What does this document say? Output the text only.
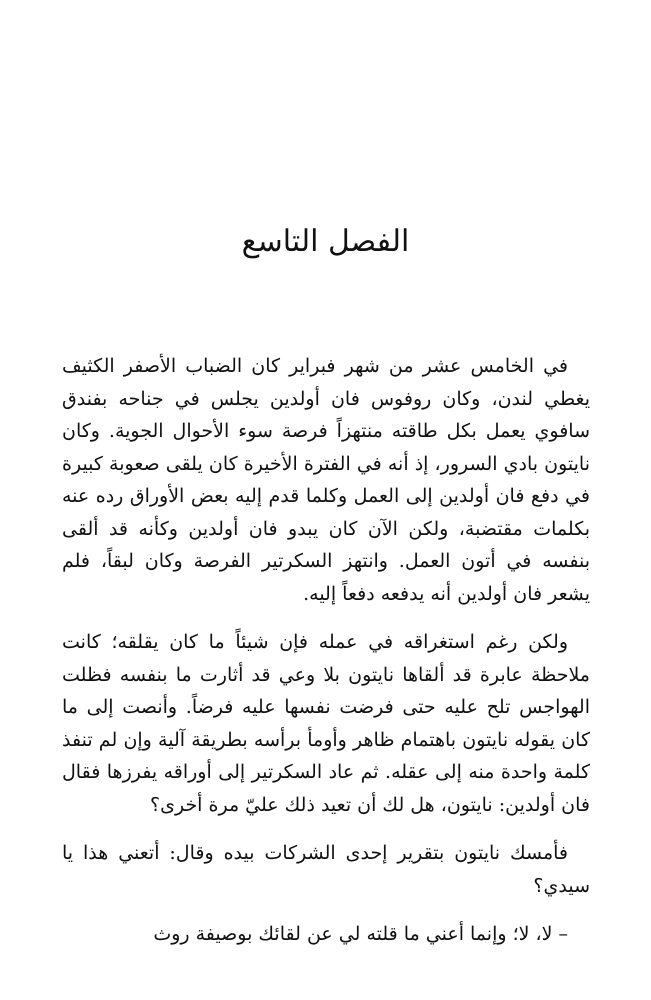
الفصل التاسع

في الخامس عشر من شهر فبراير كان الضباب الأصفر الكثيف يغطي لندن، وكان روفوس فان أولدين يجلس في جناحه بفندق سافوي يعمل بكل طاقته منتهزاً فرصة سوء الأحوال الجوية. وكان نايتون بادي السرور، إذ أنه في الفترة الأخيرة كان يلقى صعوبة كبيرة في دفع فان أولدين إلى العمل وكلما قدم إليه بعض الأوراق رده عنه بكلمات مقتضبة، ولكن الآن كان يبدو فان أولدين وكأنه قد ألقى بنفسه في أتون العمل. وانتهز السكرتير الفرصة وكان لبقاً، فلم يشعر فان أولدين أنه يدفعه دفعاً إليه.

ولكن رغم استغراقه في عمله فإن شيئاً ما كان يقلقه؛ كانت ملاحظة عابرة قد ألقاها نايتون بلا وعي قد أثارت ما بنفسه فظلت الهواجس تلح عليه حتى فرضت نفسها عليه فرضاً. وأنصت إلى ما كان يقوله نايتون باهتمام ظاهر وأومأ برأسه بطريقة آلية وإن لم تنفذ كلمة واحدة منه إلى عقله. ثم عاد السكرتير إلى أوراقه يفرزها فقال فان أولدين: نايتون، هل لك أن تعيد ذلك عليّ مرة أخرى؟

فأمسك نايتون بتقرير إحدى الشركات بيده وقال: أتعني هذا يا سيدي؟

– لا، لا؛ وإنما أعني ما قلته لي عن لقائك بوصيفة روث
